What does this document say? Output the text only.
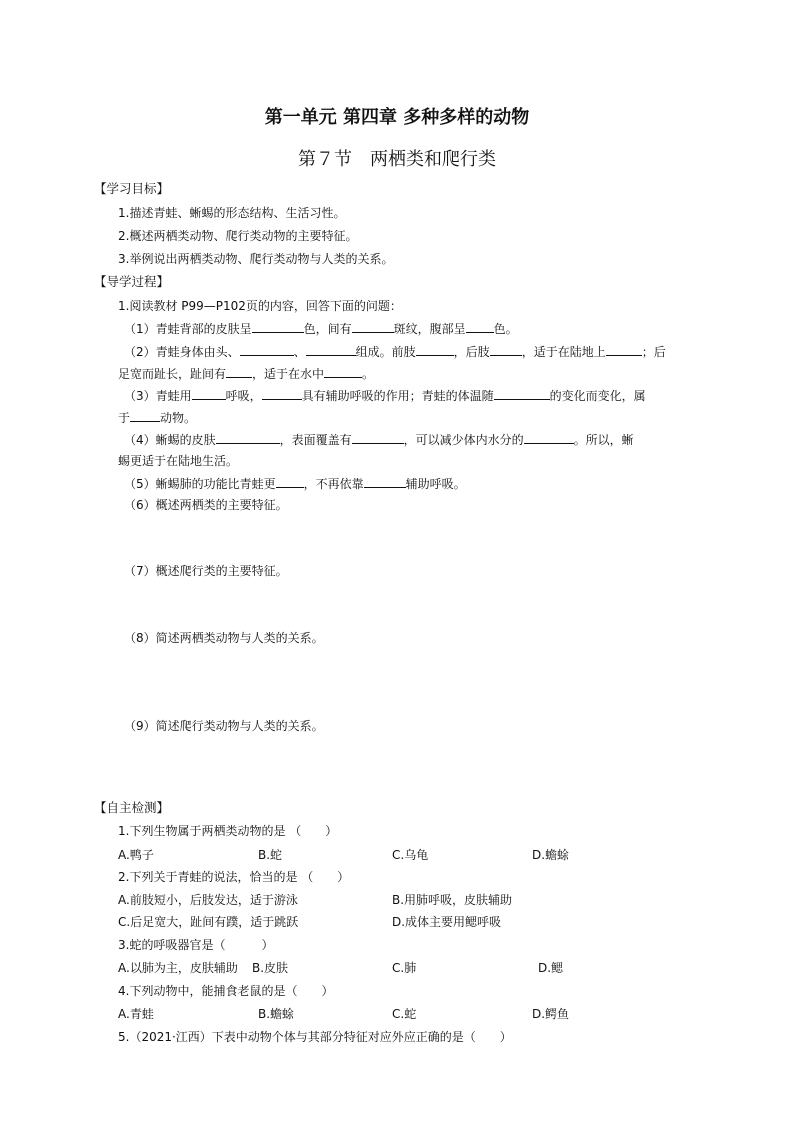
第一单元 第四章 多种多样的动物
第７节　两栖类和爬行类
【学习目标】
1.描述青蛙、蜥蜴的形态结构、生活习性。
2.概述两栖类动物、爬行类动物的主要特征。
3.举例说出两栖类动物、爬行类动物与人类的关系。
【导学过程】
1.阅读教材 P99—P102页的内容，回答下面的问题：
（1）青蛙背部的皮肤呈	色，间有	斑纹，腹部呈 色。
（2）青蛙身体由头、	、	组成。前肢	，后肢	，适于在陆地上	；后
足宽而趾长，趾间有 ，适于在水中	。
（3）青蛙用	呼吸，	具有辅助呼吸的作用；青蛙的体温随	的变化而变化，属
于	动物。
（4）蜥蜴的皮肤	，表面覆盖有	，可以减少体内水分的	。所以，蜥
蜴更适于在陆地生活。
（5）蜥蜴肺的功能比青蛙更 ，不再依靠	辅助呼吸。
（6）概述两栖类的主要特征。
（7）概述爬行类的主要特征。
（8）简述两栖类动物与人类的关系。
（9）简述爬行类动物与人类的关系。
【自主检测】
1.下列生物属于两栖类动物的是 （　　）
A.鸭子	B.蛇	C.乌龟	D.蟾蜍
2.下列关于青蛙的说法，恰当的是 （　　）
A.前肢短小，后肢发达，适于游泳	B.用肺呼吸，皮肤辅助
C.后足宽大，趾间有蹼，适于跳跃	D.成体主要用鳃呼吸
3.蛇的呼吸器官是（　　　）
A.以肺为主，皮肤辅助 B.皮肤	C.肺	D.鳃
4.下列动物中，能捕食老鼠的是（　　）
A.青蛙	B.蟾蜍	C.蛇	D.鳄鱼
5.（2021·江西）下表中动物个体与其部分特征对应外应正确的是（　　）
